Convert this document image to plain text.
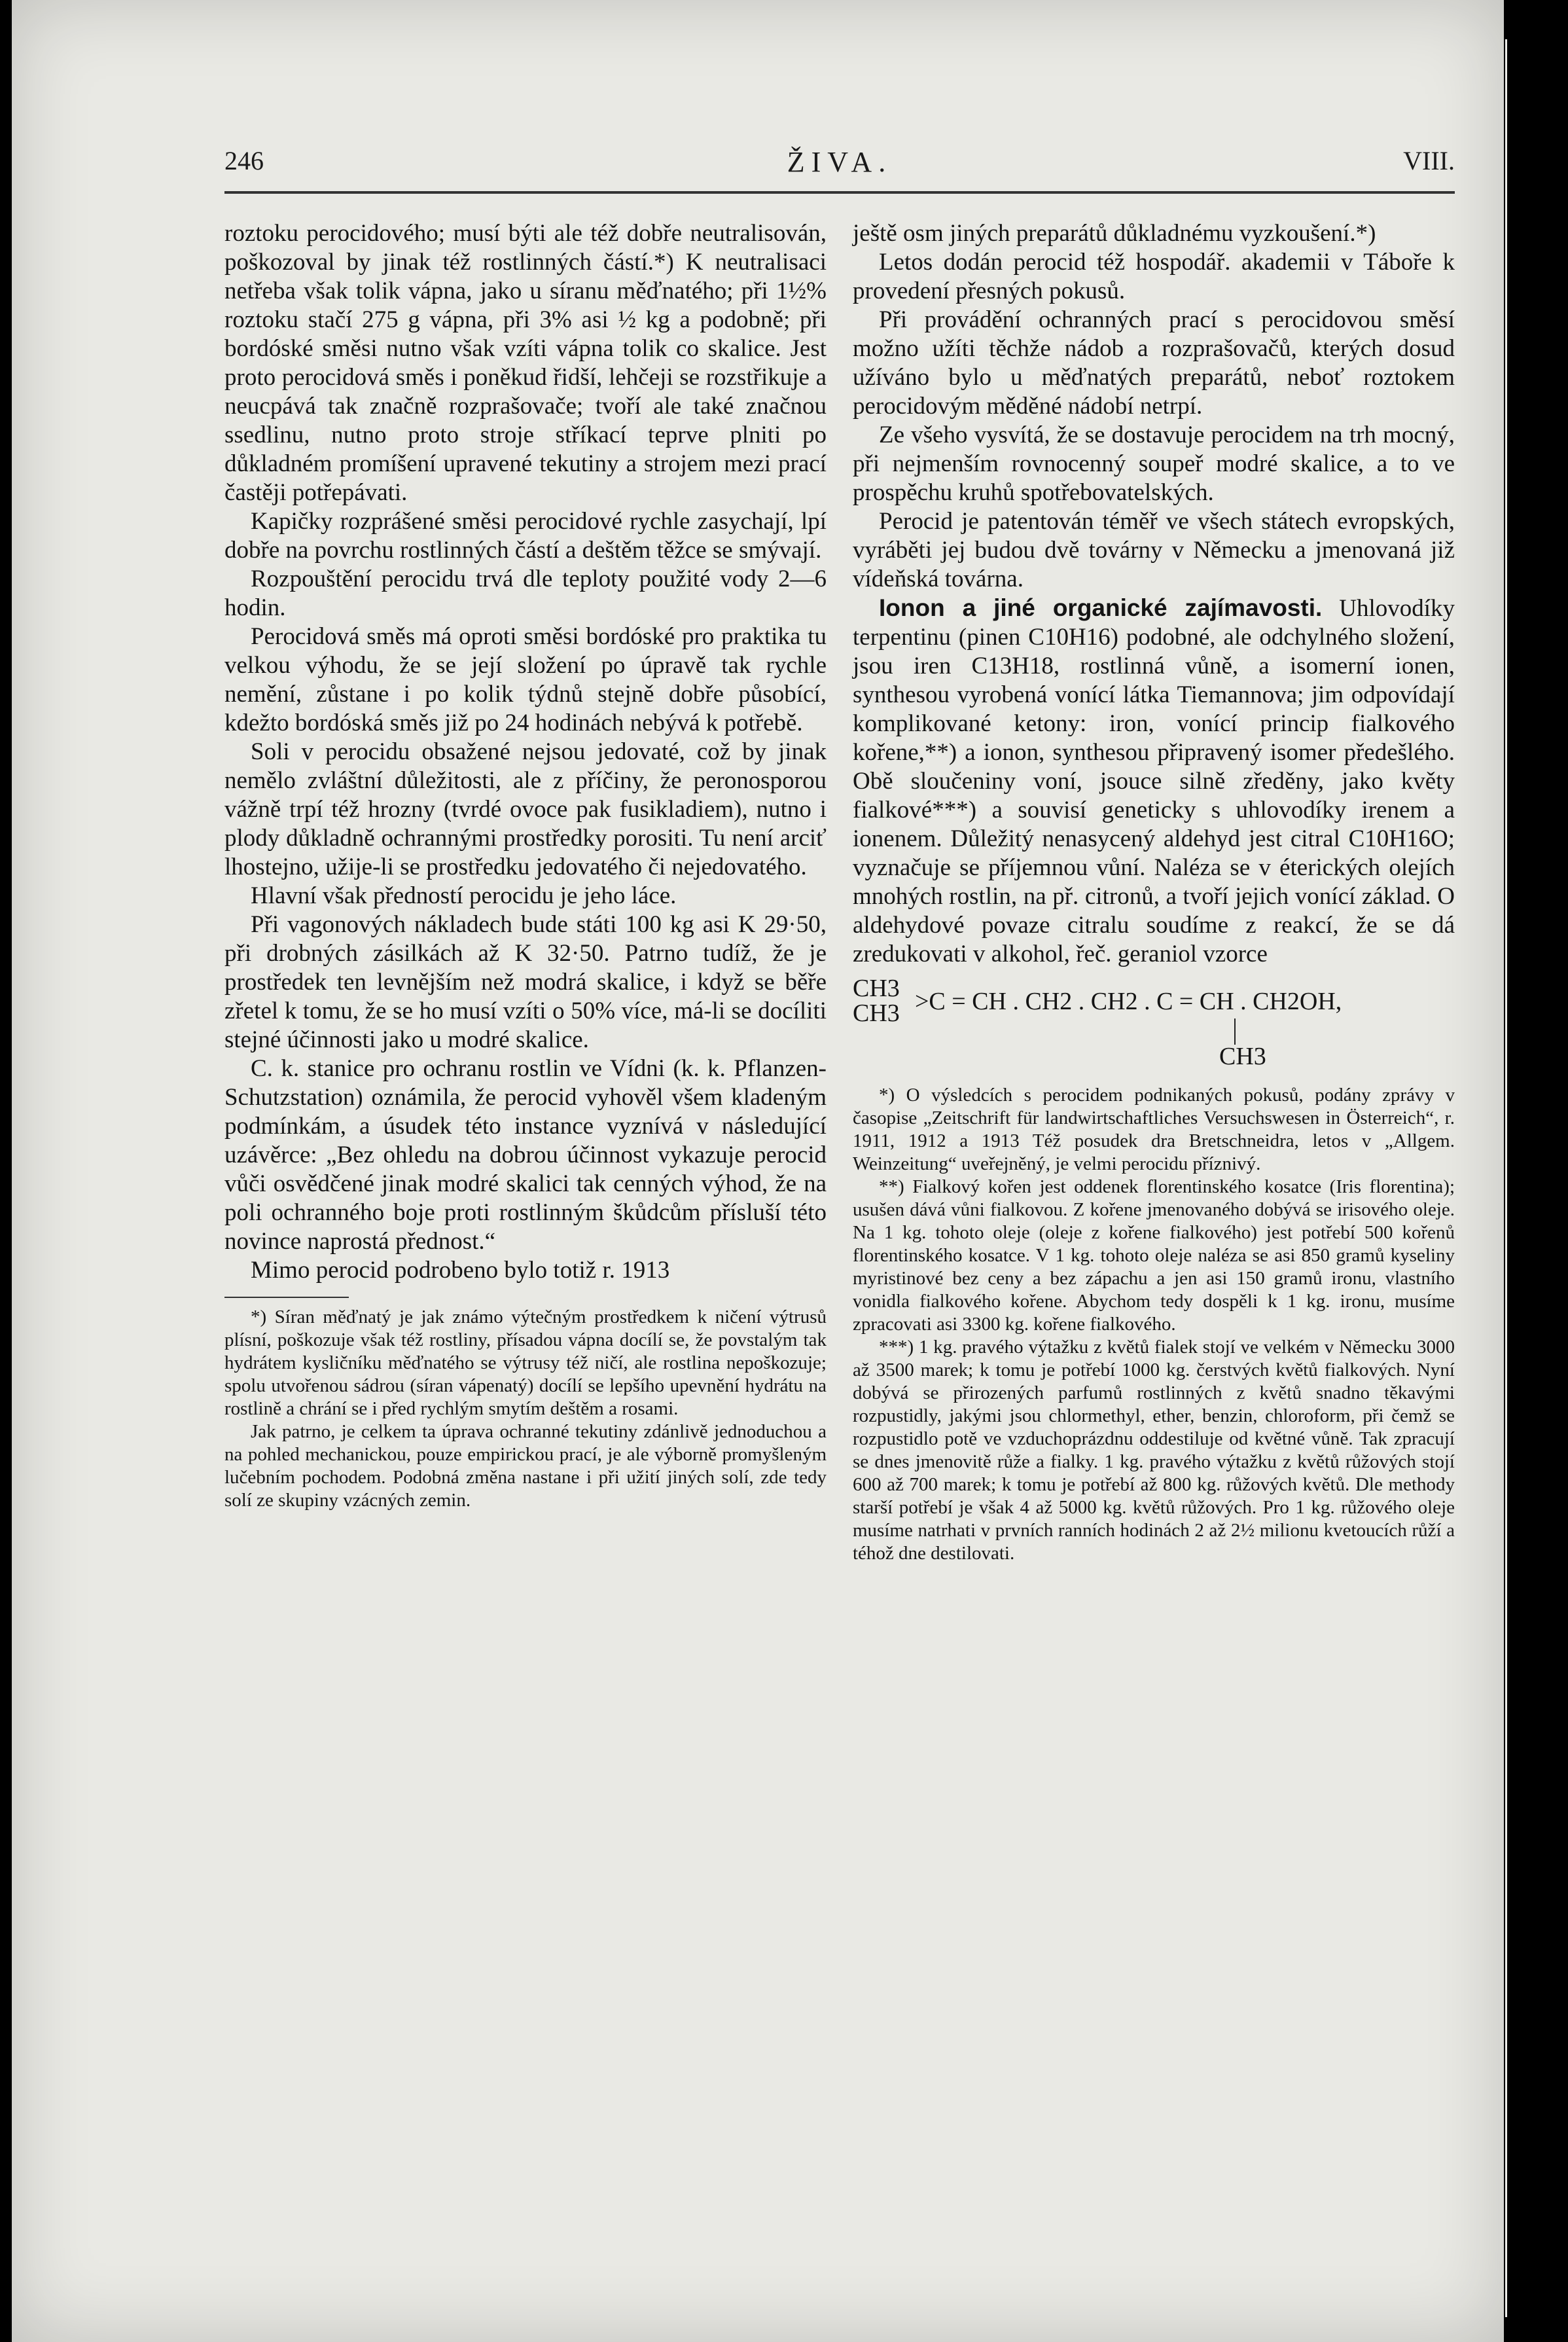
246	ŽIVA.	VIII.

roztoku perocidového; musí býti ale též dobře neutralisován, poškozoval by jinak též rostlinných částí.*) K neutralisaci netřeba však tolik vápna, jako u síranu měďnatého; při 1½% roztoku stačí 275 g vápna, při 3% asi ½ kg a podobně; při bordóské směsi nutno však vzíti vápna tolik co skalice. Jest proto perocidová směs i poněkud řidší, lehčeji se rozstřikuje a neucpává tak značně rozprašovače; tvoří ale také značnou ssedlinu, nutno proto stroje stříkací teprve plniti po důkladném promíšení upravené tekutiny a strojem mezi prací častěji potřepávati.

Kapičky rozprášené směsi perocidové rychle zasychají, lpí dobře na povrchu rostlinných částí a deštěm těžce se smývají.

Rozpouštění perocidu trvá dle teploty použité vody 2—6 hodin.

Perocidová směs má oproti směsi bordóské pro praktika tu velkou výhodu, že se její složení po úpravě tak rychle nemění, zůstane i po kolik týdnů stejně dobře působící, kdežto bordóská směs již po 24 hodinách nebývá k potřebě.

Soli v perocidu obsažené nejsou jedovaté, což by jinak nemělo zvláštní důležitosti, ale z příčiny, že peronosporou vážně trpí též hrozny (tvrdé ovoce pak fusikladiem), nutno i plody důkladně ochrannými prostředky porositi. Tu není arciť lhostejno, užije-li se prostředku jedovatého či nejedovatého.

Hlavní však předností perocidu je jeho láce.

Při vagonových nákladech bude státi 100 kg asi K 29·50, při drobných zásilkách až K 32·50. Patrno tudíž, že je prostředek ten levnějším než modrá skalice, i když se běře zřetel k tomu, že se ho musí vzíti o 50% více, má-li se docíliti stejné účinnosti jako u modré skalice.

C. k. stanice pro ochranu rostlin ve Vídni (k. k. Pflanzen-Schutzstation) oznámila, že perocid vyhověl všem kladeným podmínkám, a úsudek této instance vyznívá v následující uzávěrce: „Bez ohledu na dobrou účinnost vykazuje perocid vůči osvědčené jinak modré skalici tak cenných výhod, že na poli ochranného boje proti rostlinným škůdcům přísluší této novince naprostá přednost.“

Mimo perocid podrobeno bylo totiž r. 1913

*) Síran měďnatý je jak známo výtečným prostředkem k ničení výtrusů plísní, poškozuje však též rostliny, přísadou vápna docílí se, že povstalým tak hydrátem kysličníku měďnatého se výtrusy též ničí, ale rostlina nepoškozuje; spolu utvořenou sádrou (síran vápenatý) docílí se lepšího upevnění hydrátu na rostlině a chrání se i před rychlým smytím deštěm a rosami.

Jak patrno, je celkem ta úprava ochranné tekutiny zdánlivě jednoduchou a na pohled mechanickou, pouze empirickou prací, je ale výborně promyšleným lučebním pochodem. Podobná změna nastane i při užití jiných solí, zde tedy solí ze skupiny vzácných zemin.

ještě osm jiných preparátů důkladnému vyzkoušení.*)

Letos dodán perocid též hospodář. akademii v Táboře k provedení přesných pokusů.

Při provádění ochranných prací s perocidovou směsí možno užíti těchže nádob a rozprašovačů, kterých dosud užíváno bylo u měďnatých preparátů, neboť roztokem perocidovým měděné nádobí netrpí.

Ze všeho vysvítá, že se dostavuje perocidem na trh mocný, při nejmenším rovnocenný soupeř modré skalice, a to ve prospěchu kruhů spotřebovatelských.

Perocid je patentován téměř ve všech státech evropských, vyráběti jej budou dvě továrny v Německu a jmenovaná již vídeňská továrna.

Ionon a jiné organické zajímavosti. Uhlovodíky terpentinu (pinen C10H16) podobné, ale odchylného složení, jsou iren C13H18, rostlinná vůně, a isomerní ionen, synthesou vyrobená vonící látka Tiemannova; jim odpovídají komplikované ketony: iron, vonící princip fialkového kořene,**) a ionon, synthesou připravený isomer předešlého. Obě sloučeniny voní, jsouce silně zředěny, jako květy fialkové***) a souvisí geneticky s uhlovodíky irenem a ionenem. Důležitý nenasycený aldehyd jest citral C10H16O; vyznačuje se příjemnou vůní. Naléza se v éterických olejích mnohých rostlin, na př. citronů, a tvoří jejich vonící základ. O aldehydové povaze citralu soudíme z reakcí, že se dá zredukovati v alkohol, řeč. geraniol vzorce

CH3
CH3 >C = CH . CH2 . CH2 . C = CH . CH2OH,
CH3

*) O výsledcích s perocidem podnikaných pokusů, podány zprávy v časopise „Zeitschrift für landwirtschaftliches Versuchswesen in Österreich“, r. 1911, 1912 a 1913 Též posudek dra Bretschneidra, letos v „Allgem. Weinzeitung“ uveřejněný, je velmi perocidu příznivý.

**) Fialkový kořen jest oddenek florentinského kosatce (Iris florentina); usušen dává vůni fialkovou. Z kořene jmenovaného dobývá se irisového oleje. Na 1 kg. tohoto oleje (oleje z kořene fialkového) jest potřebí 500 kořenů florentinského kosatce. V 1 kg. tohoto oleje naléza se asi 850 gramů kyseliny myristinové bez ceny a bez zápachu a jen asi 150 gramů ironu, vlastního vonidla fialkového kořene. Abychom tedy dospěli k 1 kg. ironu, musíme zpracovati asi 3300 kg. kořene fialkového.

***) 1 kg. pravého výtažku z květů fialek stojí ve velkém v Německu 3000 až 3500 marek; k tomu je potřebí 1000 kg. čerstvých květů fialkových. Nyní dobývá se přirozených parfumů rostlinných z květů snadno těkavými rozpustidly, jakými jsou chlormethyl, ether, benzin, chloroform, při čemž se rozpustidlo potě ve vzduchoprázdnu oddestiluje od květné vůně. Tak zpracují se dnes jmenovitě růže a fialky. 1 kg. pravého výtažku z květů růžových stojí 600 až 700 marek; k tomu je potřebí až 800 kg. růžových květů. Dle methody starší potřebí je však 4 až 5000 kg. květů růžových. Pro 1 kg. růžového oleje musíme natrhati v prvních ranních hodinách 2 až 2½ milionu kvetoucích růží a téhož dne destilovati.
